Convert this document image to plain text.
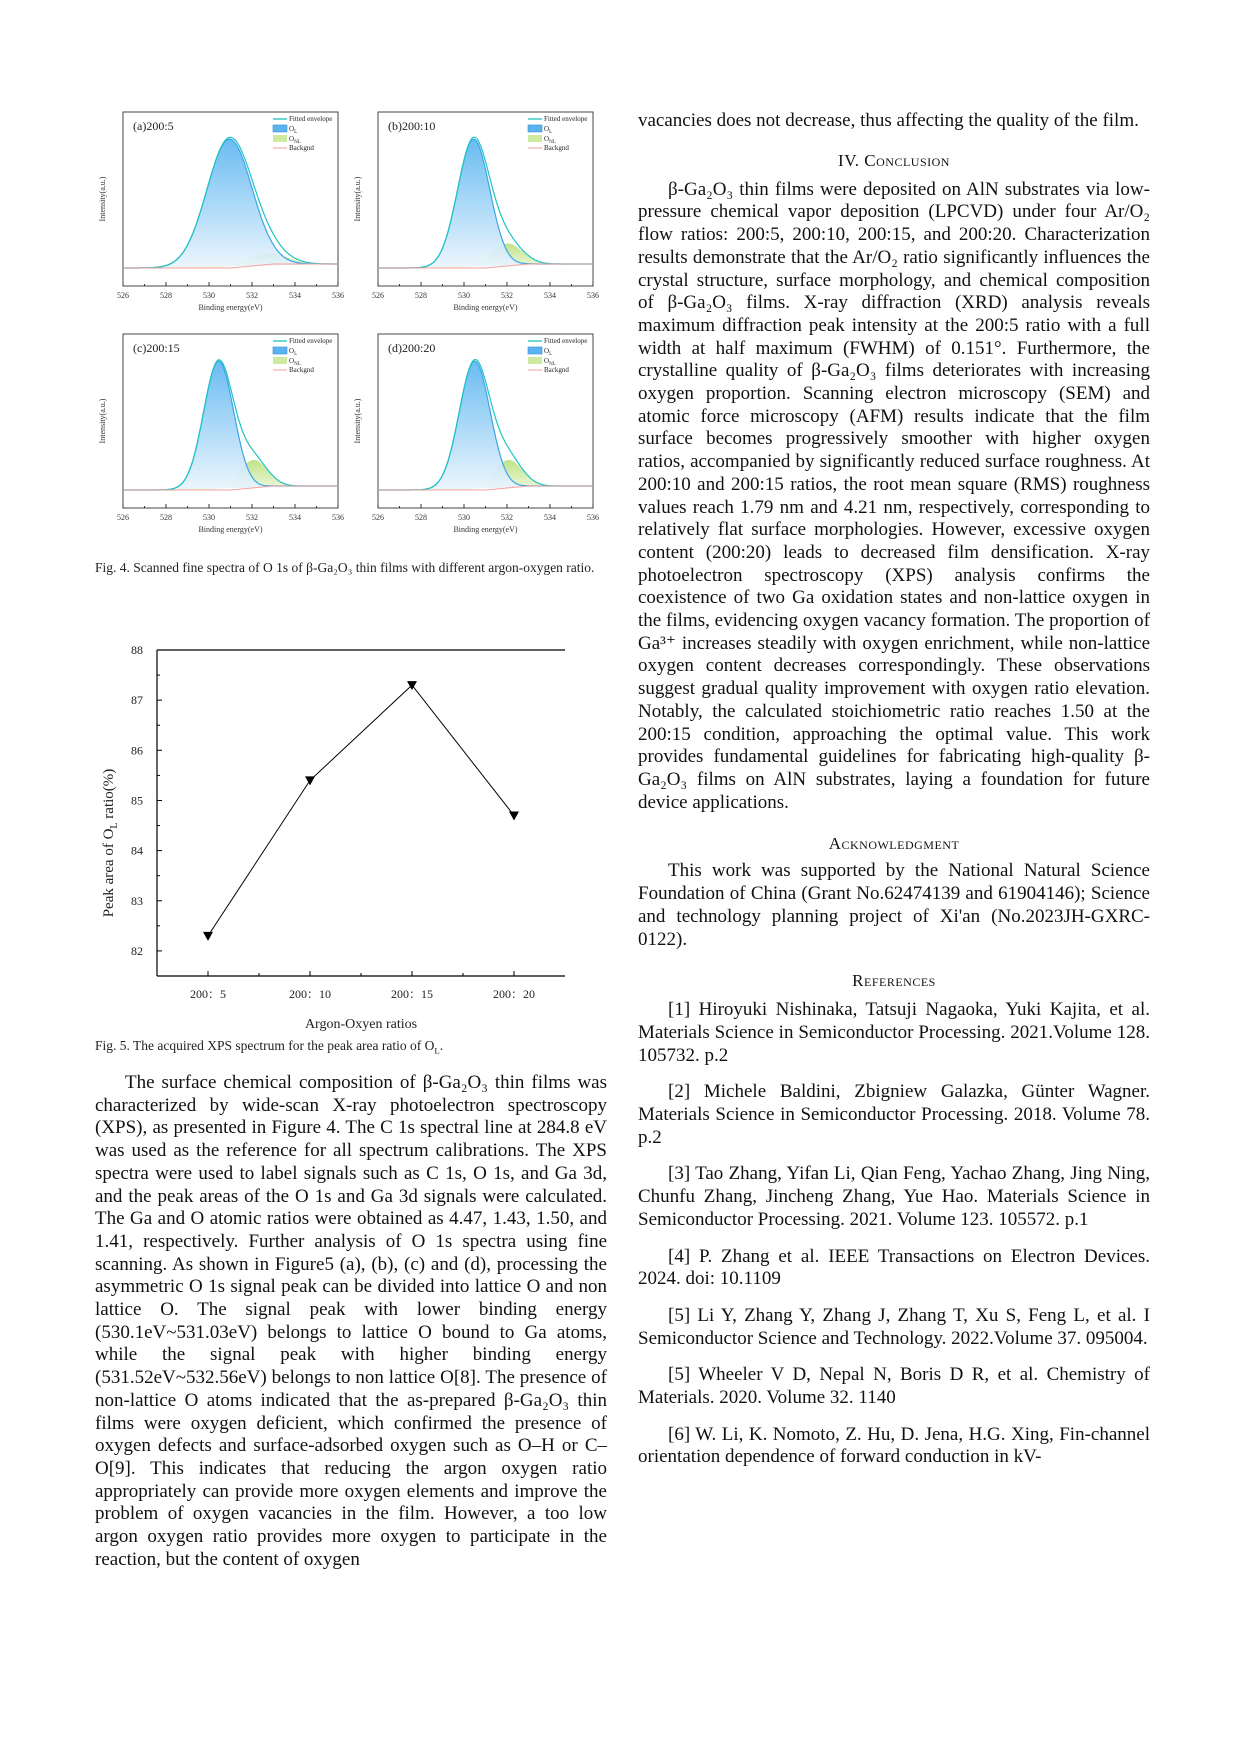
526	528	530	532	534	536
(a)200:5	Fitted envelope
$O_L$
$O_{NL}$
Backgnd
Intensity(a.u.)
Binding energy(eV)
526	528	530	532	534	536
(b)200:10	Fitted envelope
$O_L$
$O_{NL}$
Backgnd
Intensity(a.u.)
Binding energy(eV)
526	528	530	532	534	536
(c)200:15	Fitted envelope
$O_L$
$O_{NL}$
Backgnd
Intensity(a.u.)
Binding energy(eV)
526	528	530	532	534	536
(d)200:20	Fitted envelope
$O_L$
$O_{NL}$
Backgnd
Intensity(a.u.)
Binding energy(eV)
Fig. 4. Scanned fine spectra of O 1s of β-Ga₂O₃ thin films with different argon-oxygen ratio.
82
83
84
85
86
87
88
200：5	200：10	200：15	200：20
Argon-Oxyen ratios
Peak area of $O_L$ ratio(%)
Fig. 5. The acquired XPS spectrum for the peak area ratio of $O_L$.

The surface chemical composition of β-Ga₂O₃ thin films was characterized by wide-scan X-ray photoelectron spectroscopy (XPS), as presented in Figure 4. The C 1s spectral line at 284.8 eV was used as the reference for all spectrum calibrations. The XPS spectra were used to label signals such as C 1s, O 1s, and Ga 3d, and the peak areas of the O 1s and Ga 3d signals were calculated. The Ga and O atomic ratios were obtained as 4.47, 1.43, 1.50, and 1.41, respectively. Further analysis of O 1s spectra using fine scanning. As shown in Figure5 (a), (b), (c) and (d), processing the asymmetric O 1s signal peak can be divided into lattice O and non lattice O. The signal peak with lower binding energy (530.1eV~531.03eV) belongs to lattice O bound to Ga atoms, while the signal peak with higher binding energy (531.52eV~532.56eV) belongs to non lattice O[8]. The presence of non-lattice O atoms indicated that the as-prepared β-Ga₂O₃ thin films were oxygen deficient, which confirmed the presence of oxygen defects and surface-adsorbed oxygen such as O–H or C–O[9]. This indicates that reducing the argon oxygen ratio appropriately can provide more oxygen elements and improve the problem of oxygen vacancies in the film. However, a too low argon oxygen ratio provides more oxygen to participate in the reaction, but the content of oxygen

vacancies does not decrease, thus affecting the quality of the film.

IV. Conclusion

β-Ga₂O₃ thin films were deposited on AlN substrates via low-pressure chemical vapor deposition (LPCVD) under four Ar/O₂ flow ratios: 200:5, 200:10, 200:15, and 200:20. Characterization results demonstrate that the Ar/O₂ ratio significantly influences the crystal structure, surface morphology, and chemical composition of β-Ga₂O₃ films. X-ray diffraction (XRD) analysis reveals maximum diffraction peak intensity at the 200:5 ratio with a full width at half maximum (FWHM) of 0.151°. Furthermore, the crystalline quality of β-Ga₂O₃ films deteriorates with increasing oxygen proportion. Scanning electron microscopy (SEM) and atomic force microscopy (AFM) results indicate that the film surface becomes progressively smoother with higher oxygen ratios, accompanied by significantly reduced surface roughness. At 200:10 and 200:15 ratios, the root mean square (RMS) roughness values reach 1.79 nm and 4.21 nm, respectively, corresponding to relatively flat surface morphologies. However, excessive oxygen content (200:20) leads to decreased film densification. X-ray photoelectron spectroscopy (XPS) analysis confirms the coexistence of two Ga oxidation states and non-lattice oxygen in the films, evidencing oxygen vacancy formation. The proportion of Ga³⁺ increases steadily with oxygen enrichment, while non-lattice oxygen content decreases correspondingly. These observations suggest gradual quality improvement with oxygen ratio elevation. Notably, the calculated stoichiometric ratio reaches 1.50 at the 200:15 condition, approaching the optimal value. This work provides fundamental guidelines for fabricating high-quality β-Ga₂O₃ films on AlN substrates, laying a foundation for future device applications.

Acknowledgment

This work was supported by the National Natural Science Foundation of China (Grant No.62474139 and 61904146); Science and technology planning project of Xi'an (No.2023JH-GXRC-0122).

References

[1] Hiroyuki Nishinaka, Tatsuji Nagaoka, Yuki Kajita, et al. Materials Science in Semiconductor Processing. 2021.Volume 128. 105732. p.2

[2] Michele Baldini, Zbigniew Galazka, Günter Wagner. Materials Science in Semiconductor Processing. 2018. Volume 78. p.2

[3] Tao Zhang, Yifan Li, Qian Feng, Yachao Zhang, Jing Ning, Chunfu Zhang, Jincheng Zhang, Yue Hao. Materials Science in Semiconductor Processing. 2021. Volume 123. 105572. p.1

[4] P. Zhang et al. IEEE Transactions on Electron Devices. 2024. doi: 10.1109

[5] Li Y, Zhang Y, Zhang J, Zhang T, Xu S, Feng L, et al. I Semiconductor Science and Technology. 2022.Volume 37. 095004.

[5] Wheeler V D, Nepal N, Boris D R, et al. Chemistry of Materials. 2020. Volume 32. 1140

[6] W. Li, K. Nomoto, Z. Hu, D. Jena, H.G. Xing, Fin-channel orientation dependence of forward conduction in kV-
